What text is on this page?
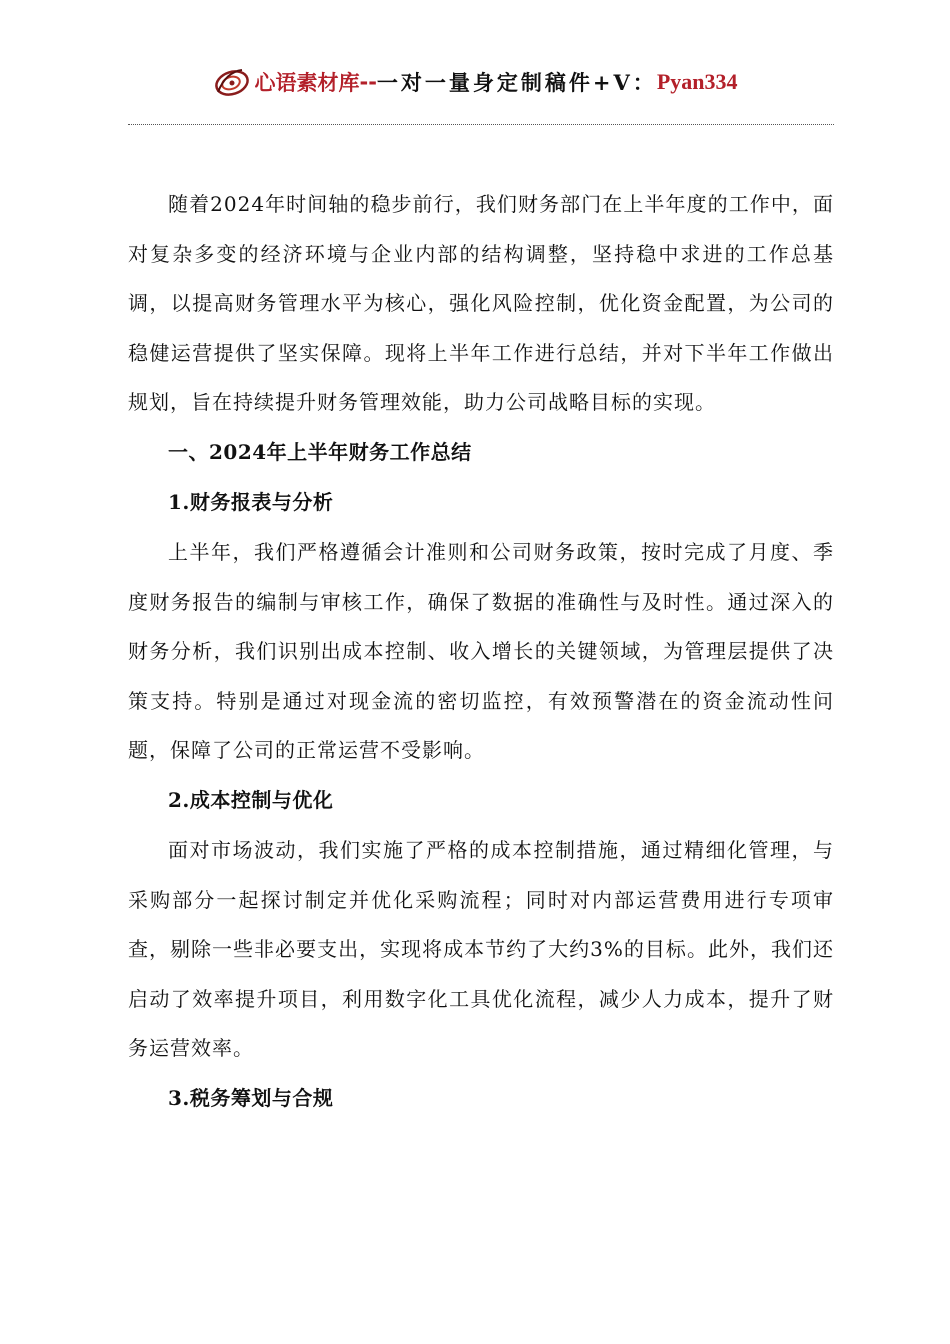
心语素材库 -- 一对一量身定制稿件+V： Pyan334

随着2024年时间轴的稳步前行，我们财务部门在上半年度的工作中，面对复杂多变的经济环境与企业内部的结构调整，坚持稳中求进的工作总基调，以提高财务管理水平为核心，强化风险控制，优化资金配置，为公司的稳健运营提供了坚实保障。现将上半年工作进行总结，并对下半年工作做出规划，旨在持续提升财务管理效能，助力公司战略目标的实现。

一、2024年上半年财务工作总结

1.财务报表与分析

上半年，我们严格遵循会计准则和公司财务政策，按时完成了月度、季度财务报告的编制与审核工作，确保了数据的准确性与及时性。通过深入的财务分析，我们识别出成本控制、收入增长的关键领域，为管理层提供了决策支持。特别是通过对现金流的密切监控，有效预警潜在的资金流动性问题，保障了公司的正常运营不受影响。

2.成本控制与优化

面对市场波动，我们实施了严格的成本控制措施，通过精细化管理，与采购部分一起探讨制定并优化采购流程；同时对内部运营费用进行专项审查，剔除一些非必要支出，实现将成本节约了大约3%的目标。此外，我们还启动了效率提升项目，利用数字化工具优化流程，减少人力成本，提升了财务运营效率。

3.税务筹划与合规
